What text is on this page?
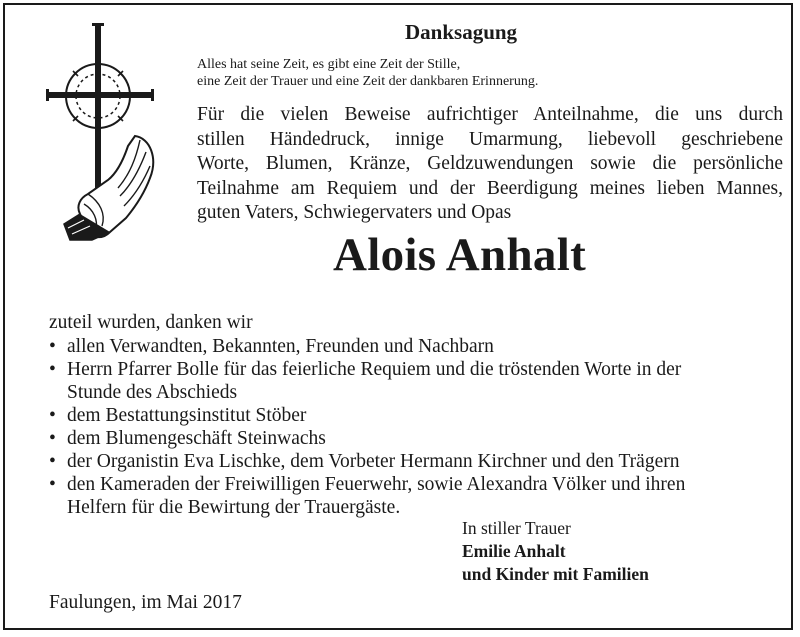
Danksagung
Alles hat seine Zeit, es gibt eine Zeit der Stille,
eine Zeit der Trauer und eine Zeit der dankbaren Erinnerung.
Für die vielen Beweise aufrichtiger Anteilnahme, die uns durch
stillen Händedruck, innige Umarmung, liebevoll geschriebene
Worte, Blumen, Kränze, Geldzuwendungen sowie die persönliche
Teilnahme am Requiem und der Beerdigung meines lieben Mannes,
guten Vaters, Schwiegervaters und Opas
Alois Anhalt
zuteil wurden, danken wir
• allen Verwandten, Bekannten, Freunden und Nachbarn
• Herrn Pfarrer Bolle für das feierliche Requiem und die tröstenden Worte in der Stunde des Abschieds
• dem Bestattungsinstitut Stöber
• dem Blumengeschäft Steinwachs
• der Organistin Eva Lischke, dem Vorbeter Hermann Kirchner und den Trägern
• den Kameraden der Freiwilligen Feuerwehr, sowie Alexandra Völker und ihren Helfern für die Bewirtung der Trauergäste.
In stiller Trauer
Emilie Anhalt
und Kinder mit Familien
Faulungen, im Mai 2017
